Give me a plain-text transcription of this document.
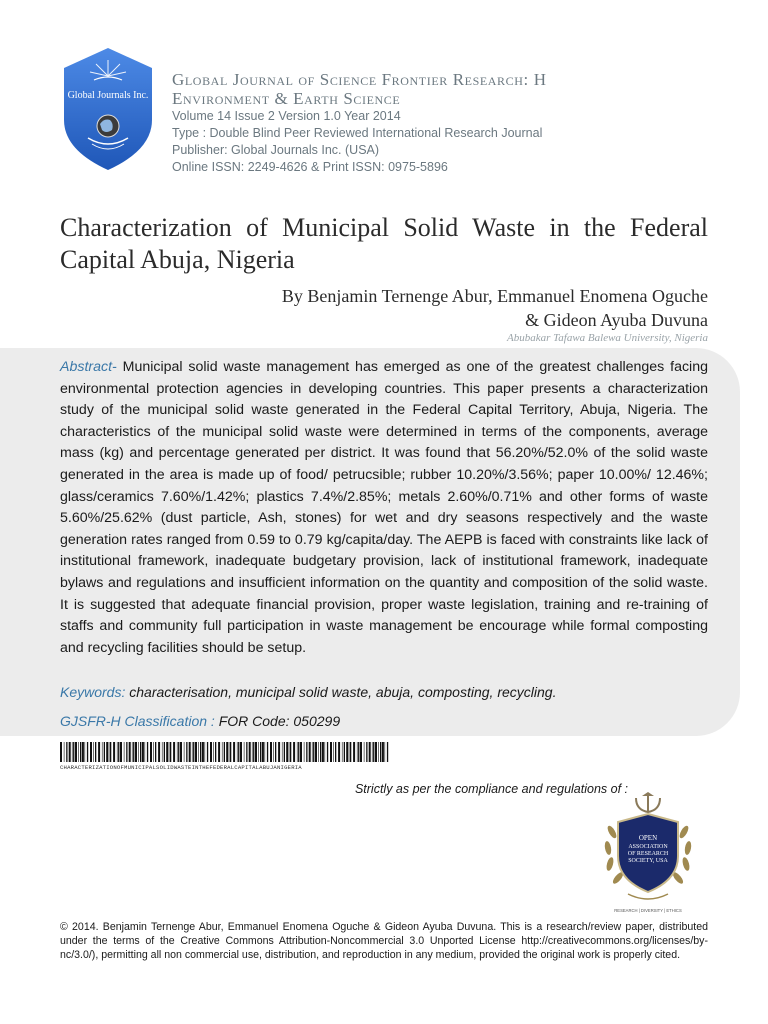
Global Journals Inc.
Global Journal of Science Frontier Research: H
Environment & Earth Science
Volume 14 Issue 2 Version 1.0 Year 2014
Type : Double Blind Peer Reviewed International Research Journal
Publisher: Global Journals Inc. (USA)
Online ISSN: 2249-4626 & Print ISSN: 0975-5896
Characterization of Municipal Solid Waste in the Federal Capital Abuja, Nigeria
By Benjamin Ternenge Abur, Emmanuel Enomena Oguche
& Gideon Ayuba Duvuna
Abubakar Tafawa Balewa University, Nigeria

Abstract- Municipal solid waste management has emerged as one of the greatest challenges facing environmental protection agencies in developing countries. This paper presents a characterization study of the municipal solid waste generated in the Federal Capital Territory, Abuja, Nigeria. The characteristics of the municipal solid waste were determined in terms of the components, average mass (kg) and percentage generated per district. It was found that 56.20%/52.0% of the solid waste generated in the area is made up of food/ petrucsible; rubber 10.20%/3.56%; paper 10.00%/ 12.46%; glass/ceramics 7.60%/1.42%; plastics 7.4%/2.85%; metals 2.60%/0.71% and other forms of waste 5.60%/25.62% (dust particle, Ash, stones) for wet and dry seasons respectively and the waste generation rates ranged from 0.59 to 0.79 kg/capita/day. The AEPB is faced with constraints like lack of institutional framework, inadequate budgetary provision, lack of institutional framework, inadequate bylaws and regulations and insufficient information on the quantity and composition of the solid waste. It is suggested that adequate financial provision, proper waste legislation, training and re-training of staffs and community full participation in waste management be encourage while formal composting and recycling facilities should be setup.

Keywords: characterisation, municipal solid waste, abuja, composting, recycling.
GJSFR-H Classification : FOR Code: 050299
CHARACTERIZATIONOFMUNICIPALSOLIDWASTEINTHEFEDERALCAPITALABUJANIGERIA
Strictly as per the compliance and regulations of :
OPEN
ASSOCIATION
OF RESEARCH
SOCIETY, USA
RESEARCH | DIVERSITY | ETHICS

© 2014. Benjamin Ternenge Abur, Emmanuel Enomena Oguche & Gideon Ayuba Duvuna. This is a research/review paper, distributed under the terms of the Creative Commons Attribution-Noncommercial 3.0 Unported License http://creativecommons.org/licenses/by-nc/3.0/), permitting all non commercial use, distribution, and reproduction in any medium, provided the original work is properly cited.
